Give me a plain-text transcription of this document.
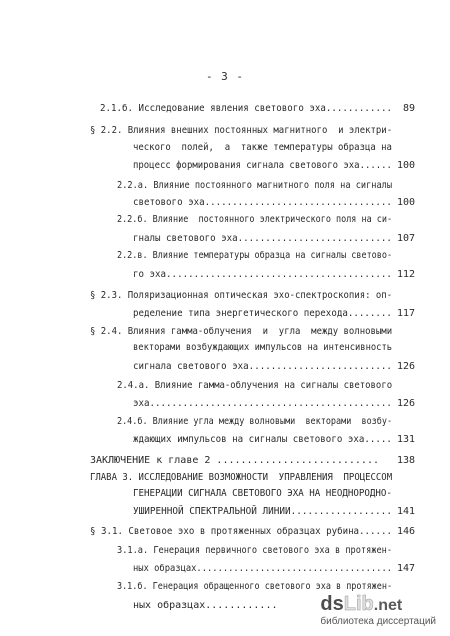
- 3 -
2.1.б. Исследование явления светового эха............	89
§ 2.2. Влияния внешних постоянных магнитного  и электри-
ческого  полей,  а  также температуры образца на
процесс формирования сигнала светового эха...... 100
2.2.а. Влияние постоянного магнитного поля на сигналы
светового эха.................................. 100
2.2.б. Влияние  постоянного электрического поля на си-
гналы светового эха............................ 107
2.2.в. Влияние температуры образца на сигналы светово-
го эха......................................... 112
§ 2.3. Поляризационная оптическая эхо-спектроскопия: оп-
ределение типа энергетического перехода........ 117
§ 2.4. Влияния гамма-облучения  и  угла  между волновыми
векторами возбуждающих импульсов на интенсивность
сигнала светового эха.......................... 126
2.4.а. Влияние гамма-облучения на сигналы светового
эха............................................ 126
2.4.б. Влияние угла между волновыми  векторами  возбу-
ждающих импульсов на сигналы светового эха..... 131
ЗАКЛЮЧЕНИЕ к главе 2 ...........................	138
ГЛАВА 3. ИССЛЕДОВАНИЕ ВОЗМОЖНОСТИ  УПРАВЛЕНИЯ  ПРОЦЕССОМ
ГЕНЕРАЦИИ СИГНАЛА СВЕТОВОГО ЭХА НА НЕОДНОРОДНО-
УШИРЕННОЙ СПЕКТРАЛЬНОЙ ЛИНИИ.................. 141
§ 3.1. Световое эхо в протяженных образцах рубина...... 146
3.1.а. Генерация первичного светового эха в протяжен-
ных образцах..................................... 147
3.1.б. Генерация обращенного светового эха в протяжен-
ных образцах............ dsLib.net
библиотека диссертаций
